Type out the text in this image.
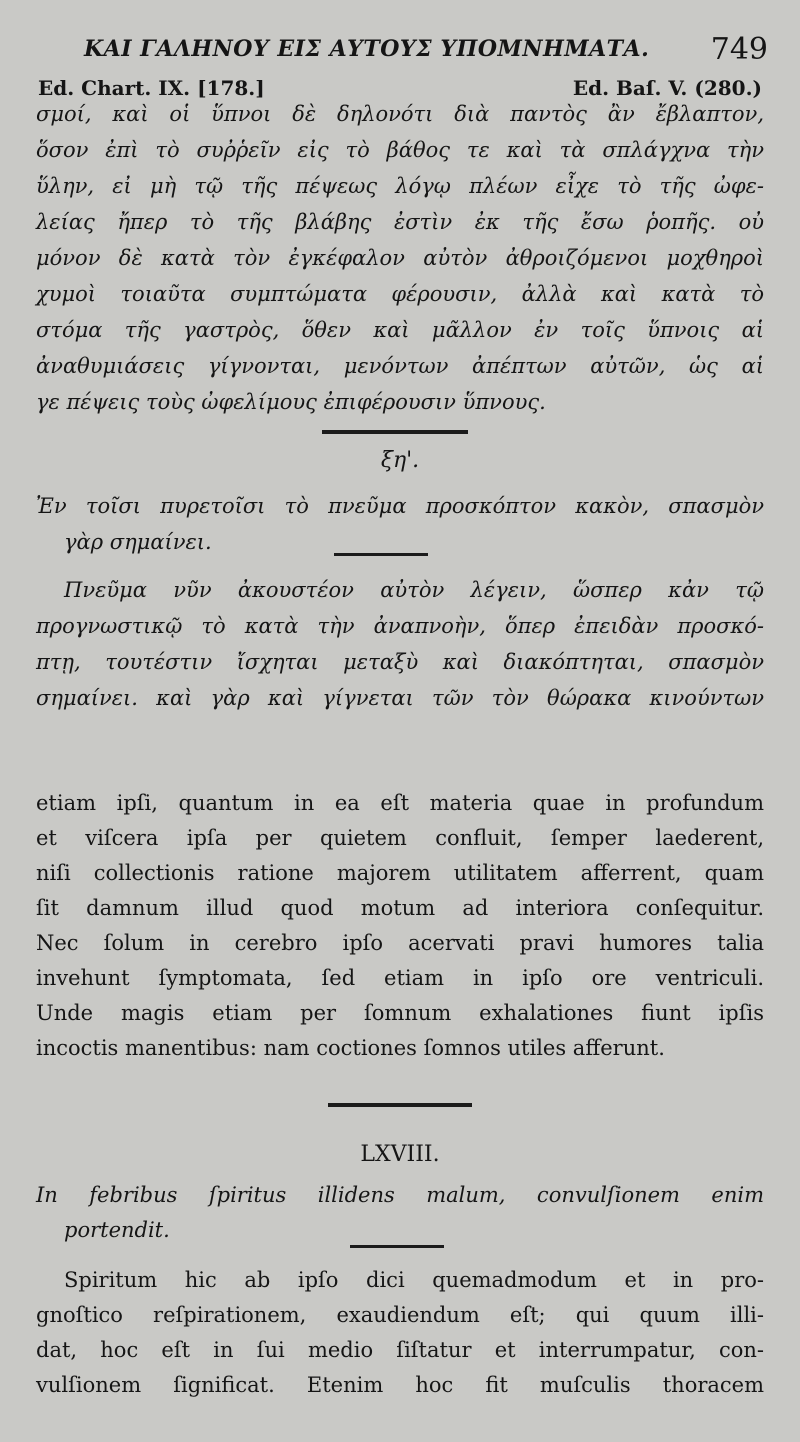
ΚΑΙ ΓΑΛΗΝΟΥ ΕΙΣ ΑΥΤΟΥΣ ΥΠΟΜΝΗΜΑΤΑ. 749
Ed. Chart. IX. [178.]	Ed. Baſ. V. (280.)
σμοί, καὶ οἱ ὕπνοι δὲ δηλονότι διὰ παντὸς ἂν ἔβλαπτον,
ὅσον ἐπὶ τὸ συῤῥεῖν εἰς τὸ βάθος τε καὶ τὰ σπλάγχνα τὴν
ὕλην, εἰ μὴ τῷ τῆς πέψεως λόγῳ πλέων εἶχε τὸ τῆς ὠφε-
λείας ἤπερ τὸ τῆς βλάβης ἐστὶν ἐκ τῆς ἔσω ῥοπῆς. οὐ
μόνον δὲ κατὰ τὸν ἐγκέφαλον αὐτὸν ἀθροιζόμενοι μοχθηροὶ
χυμοὶ τοιαῦτα συμπτώματα φέρουσιν, ἀλλὰ καὶ κατὰ τὸ
στόμα τῆς γαστρὸς, ὅθεν καὶ μᾶλλον ἐν τοῖς ὕπνοις αἱ
ἀναθυμιάσεις γίγνονται, μενόντων ἀπέπτων αὐτῶν, ὡς αἱ
γε πέψεις τοὺς ὠφελίμους ἐπιφέρουσιν ὕπνους.
ξη'.
Ἐν τοῖσι πυρετοῖσι τὸ πνεῦμα προσκόπτον κακὸν, σπασμὸν
γὰρ σημαίνει.
Πνεῦμα νῦν ἀκουστέον αὐτὸν λέγειν, ὥσπερ κἀν τῷ
προγνωστικῷ τὸ κατὰ τὴν ἀναπνοὴν, ὅπερ ἐπειδὰν προσκό-
πτῃ, τουτέστιν ἴσχηται μεταξὺ καὶ διακόπτηται, σπασμὸν
σημαίνει. καὶ γὰρ καὶ γίγνεται τῶν τὸν θώρακα κινούντων
etiam ipſi, quantum in ea eſt materia quae in profundum
et viſcera ipſa per quietem confluit, ſemper laederent,
niſi collectionis ratione majorem utilitatem afferrent, quam
ſit damnum illud quod motum ad interiora conſequitur.
Nec ſolum in cerebro ipſo acervati pravi humores talia
invehunt ſymptomata, ſed etiam in ipſo ore ventriculi.
Unde magis etiam per ſomnum exhalationes fiunt ipſis
incoctis manentibus: nam coctiones ſomnos utiles afferunt.
LXVIII.
In febribus ſpiritus illidens malum, convulſionem enim
portendit.
Spiritum hic ab ipſo dici quemadmodum et in pro-
gnoſtico reſpirationem, exaudiendum eſt; qui quum illi-
dat, hoc eſt in ſui medio ſiſtatur et interrumpatur, con-
vulſionem ſignificat. Etenim hoc fit muſculis thoracem
